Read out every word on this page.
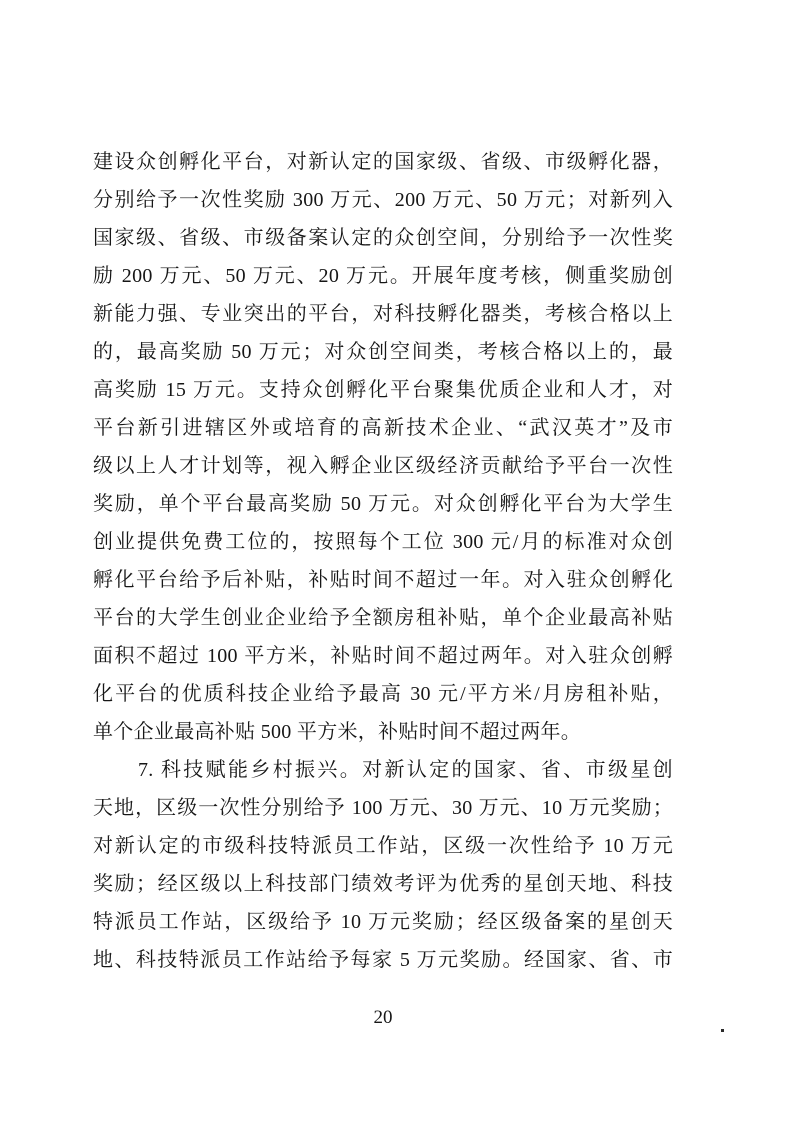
建设众创孵化平台，对新认定的国家级、省级、市级孵化器，
分别给予一次性奖励 300 万元、200 万元、50 万元；对新列入
国家级、省级、市级备案认定的众创空间，分别给予一次性奖
励 200 万元、50 万元、20 万元。开展年度考核，侧重奖励创
新能力强、专业突出的平台，对科技孵化器类，考核合格以上
的，最高奖励 50 万元；对众创空间类，考核合格以上的，最
高奖励 15 万元。支持众创孵化平台聚集优质企业和人才，对
平台新引进辖区外或培育的高新技术企业、“武汉英才”及市
级以上人才计划等，视入孵企业区级经济贡献给予平台一次性
奖励，单个平台最高奖励 50 万元。对众创孵化平台为大学生
创业提供免费工位的，按照每个工位 300 元/月的标准对众创
孵化平台给予后补贴，补贴时间不超过一年。对入驻众创孵化
平台的大学生创业企业给予全额房租补贴，单个企业最高补贴
面积不超过 100 平方米，补贴时间不超过两年。对入驻众创孵
化平台的优质科技企业给予最高 30 元/平方米/月房租补贴，
单个企业最高补贴 500 平方米，补贴时间不超过两年。
7. 科技赋能乡村振兴。对新认定的国家、省、市级星创
天地，区级一次性分别给予 100 万元、30 万元、10 万元奖励；
对新认定的市级科技特派员工作站，区级一次性给予 10 万元
奖励；经区级以上科技部门绩效考评为优秀的星创天地、科技
特派员工作站，区级给予 10 万元奖励；经区级备案的星创天
地、科技特派员工作站给予每家 5 万元奖励。经国家、省、市
20
